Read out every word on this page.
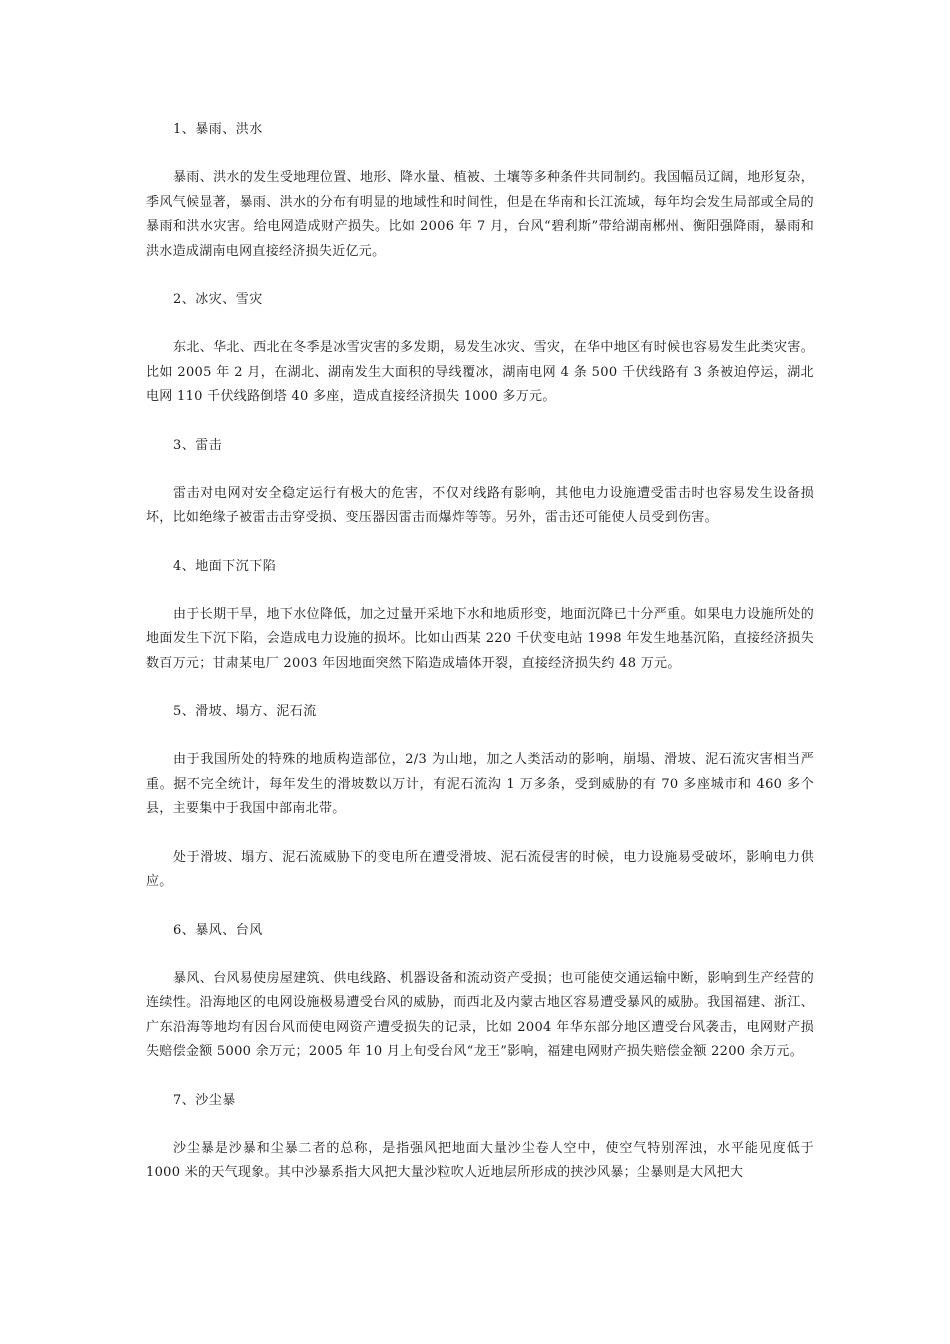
1、暴雨、洪水
暴雨、洪水的发生受地理位置、地形、降水量、植被、土壤等多种条件共同制约。我国幅员辽阔，地形复杂，季风气候显著，暴雨、洪水的分布有明显的地域性和时间性，但是在华南和长江流域，每年均会发生局部或全局的暴雨和洪水灾害。给电网造成财产损失。比如 2006 年 7 月，台风“碧利斯”带给湖南郴州、衡阳强降雨，暴雨和洪水造成湖南电网直接经济损失近亿元。
2、冰灾、雪灾
东北、华北、西北在冬季是冰雪灾害的多发期，易发生冰灾、雪灾，在华中地区有时候也容易发生此类灾害。比如 2005 年 2 月，在湖北、湖南发生大面积的导线覆冰，湖南电网 4 条 500 千伏线路有 3 条被迫停运，湖北电网 110 千伏线路倒塔 40 多座，造成直接经济损失 1000 多万元。
3、雷击
雷击对电网对安全稳定运行有极大的危害，不仅对线路有影响，其他电力设施遭受雷击时也容易发生设备损坏，比如绝缘子被雷击击穿受损、变压器因雷击而爆炸等等。另外，雷击还可能使人员受到伤害。
4、地面下沉下陷
由于长期干旱，地下水位降低，加之过量开采地下水和地质形变，地面沉降已十分严重。如果电力设施所处的地面发生下沉下陷，会造成电力设施的损坏。比如山西某 220 千伏变电站 1998 年发生地基沉陷，直接经济损失数百万元；甘肃某电厂 2003 年因地面突然下陷造成墙体开裂，直接经济损失约 48 万元。
5、滑坡、塌方、泥石流
由于我国所处的特殊的地质构造部位，2/3 为山地，加之人类活动的影响，崩塌、滑坡、泥石流灾害相当严重。据不完全统计，每年发生的滑坡数以万计，有泥石流沟 1 万多条，受到威胁的有 70 多座城市和 460 多个县，主要集中于我国中部南北带。
处于滑坡、塌方、泥石流威胁下的变电所在遭受滑坡、泥石流侵害的时候，电力设施易受破坏，影响电力供应。
6、暴风、台风
暴风、台风易使房屋建筑、供电线路、机器设备和流动资产受损；也可能使交通运输中断，影响到生产经营的连续性。沿海地区的电网设施极易遭受台风的威胁，而西北及内蒙古地区容易遭受暴风的威胁。我国福建、浙江、广东沿海等地均有因台风而使电网资产遭受损失的记录，比如 2004 年华东部分地区遭受台风袭击，电网财产损失赔偿金额 5000 余万元；2005 年 10 月上旬受台风“龙王”影响，福建电网财产损失赔偿金额 2200 余万元。
7、沙尘暴
沙尘暴是沙暴和尘暴二者的总称，是指强风把地面大量沙尘卷人空中，使空气特别浑浊，水平能见度低于 1000 米的天气现象。其中沙暴系指大风把大量沙粒吹人近地层所形成的挟沙风暴；尘暴则是大风把大
